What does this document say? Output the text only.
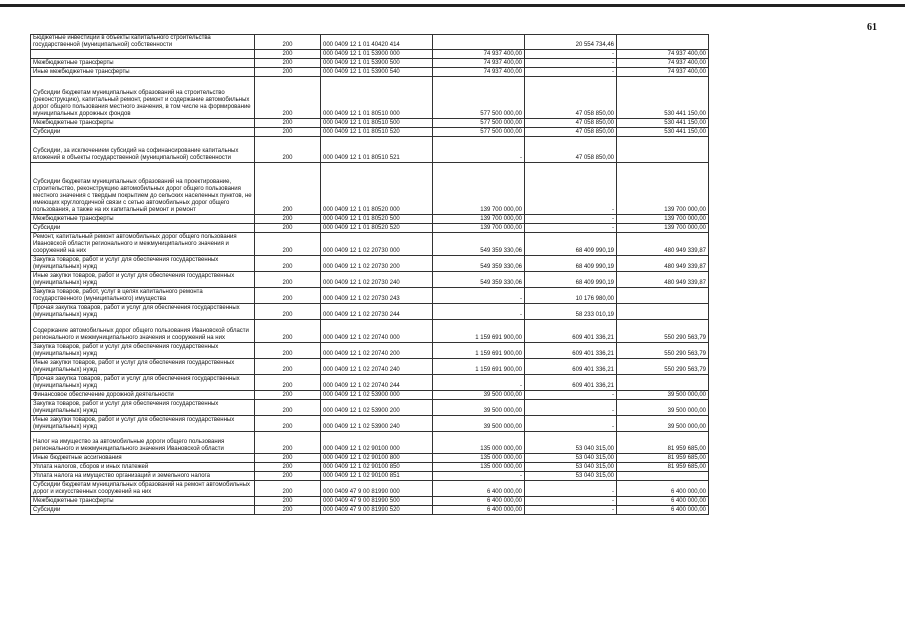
61
Бюджетные инвестиции в объекты капитального строительства государственной (муниципальной) собственности	200	000 0409 12 1 01 40420 414		20 554 734,46	
	200	000 0409 12 1 01 53900 000	74 937 400,00	-	74 937 400,00
Межбюджетные трансферты	200	000 0409 12 1 01 53900 500	74 937 400,00	-	74 937 400,00
Иные межбюджетные трансферты	200	000 0409 12 1 01 53900 540	74 937 400,00	-	74 937 400,00
Субсидии бюджетам муниципальных образований на строительство (реконструкцию), капитальный ремонт, ремонт и содержание автомобильных дорог общего пользования местного значения, в том числе на формирование муниципальных дорожных фондов	200	000 0409 12 1 01 80510 000	577 500 000,00	47 058 850,00	530 441 150,00
Межбюджетные трансферты	200	000 0409 12 1 01 80510 500	577 500 000,00	47 058 850,00	530 441 150,00
Субсидии	200	000 0409 12 1 01 80510 520	577 500 000,00	47 058 850,00	530 441 150,00
Субсидии, за исключением субсидий на софинансирование капитальных вложений в объекты государственной (муниципальной) собственности	200	000 0409 12 1 01 80510 521	-	47 058 850,00	
Субсидии бюджетам муниципальных образований на проектирование, строительство, реконструкцию автомобильных дорог общего пользования местного значения с твердым покрытием до сельских населенных пунктов, не имеющих круглогодичной связи с сетью автомобильных дорог общего пользования, а также на их капитальный ремонт и ремонт	200	000 0409 12 1 01 80520 000	139 700 000,00	-	139 700 000,00
Межбюджетные трансферты	200	000 0409 12 1 01 80520 500	139 700 000,00	-	139 700 000,00
Субсидии	200	000 0409 12 1 01 80520 520	139 700 000,00	-	139 700 000,00
Ремонт, капитальный ремонт автомобильных дорог общего пользования Ивановской области регионального и межмуниципального значения и сооружений на них	200	000 0409 12 1 02 20730 000	549 359 330,06	68 409 990,19	480 949 339,87
Закупка товаров, работ и услуг для обеспечения государственных (муниципальных) нужд	200	000 0409 12 1 02 20730 200	549 359 330,06	68 409 990,19	480 949 339,87
Иные закупки товаров, работ и услуг для обеспечения государственных (муниципальных) нужд	200	000 0409 12 1 02 20730 240	549 359 330,06	68 409 990,19	480 949 339,87
Закупка товаров, работ, услуг в целях капитального ремонта государственного (муниципального) имущества	200	000 0409 12 1 02 20730 243	-	10 176 980,00	
Прочая закупка товаров, работ и услуг для обеспечения государственных (муниципальных) нужд	200	000 0409 12 1 02 20730 244	-	58 233 010,19	
Содержание автомобильных дорог общего пользования Ивановской области регионального и межмуниципального значения и сооружений на них	200	000 0409 12 1 02 20740 000	1 159 691 900,00	609 401 336,21	550 290 563,79
Закупка товаров, работ и услуг для обеспечения государственных (муниципальных) нужд	200	000 0409 12 1 02 20740 200	1 159 691 900,00	609 401 336,21	550 290 563,79
Иные закупки товаров, работ и услуг для обеспечения государственных (муниципальных) нужд	200	000 0409 12 1 02 20740 240	1 159 691 900,00	609 401 336,21	550 290 563,79
Прочая закупка товаров, работ и услуг для обеспечения государственных (муниципальных) нужд	200	000 0409 12 1 02 20740 244	-	609 401 336,21	
Финансовое обеспечение дорожной деятельности	200	000 0409 12 1 02 53900 000	39 500 000,00	-	39 500 000,00
Закупка товаров, работ и услуг для обеспечения государственных (муниципальных) нужд	200	000 0409 12 1 02 53900 200	39 500 000,00	-	39 500 000,00
Иные закупки товаров, работ и услуг для обеспечения государственных (муниципальных) нужд	200	000 0409 12 1 02 53900 240	39 500 000,00	-	39 500 000,00
Налог на имущество за автомобильные дороги общего пользования регионального и межмуниципального значения Ивановской области	200	000 0409 12 1 02 90100 000	135 000 000,00	53 040 315,00	81 959 685,00
Иные бюджетные ассигнования	200	000 0409 12 1 02 90100 800	135 000 000,00	53 040 315,00	81 959 685,00
Уплата налогов, сборов и иных платежей	200	000 0409 12 1 02 90100 850	135 000 000,00	53 040 315,00	81 959 685,00
Уплата налога на имущество организаций и земельного налога	200	000 0409 12 1 02 90100 851	-	53 040 315,00	
Субсидии бюджетам муниципальных образований на ремонт автомобильных дорог и искусственных сооружений на них	200	000 0409 47 9 00 81990 000	6 400 000,00	-	6 400 000,00
Межбюджетные трансферты	200	000 0409 47 9 00 81990 500	6 400 000,00	-	6 400 000,00
Субсидии	200	000 0409 47 9 00 81990 520	6 400 000,00	-	6 400 000,00
